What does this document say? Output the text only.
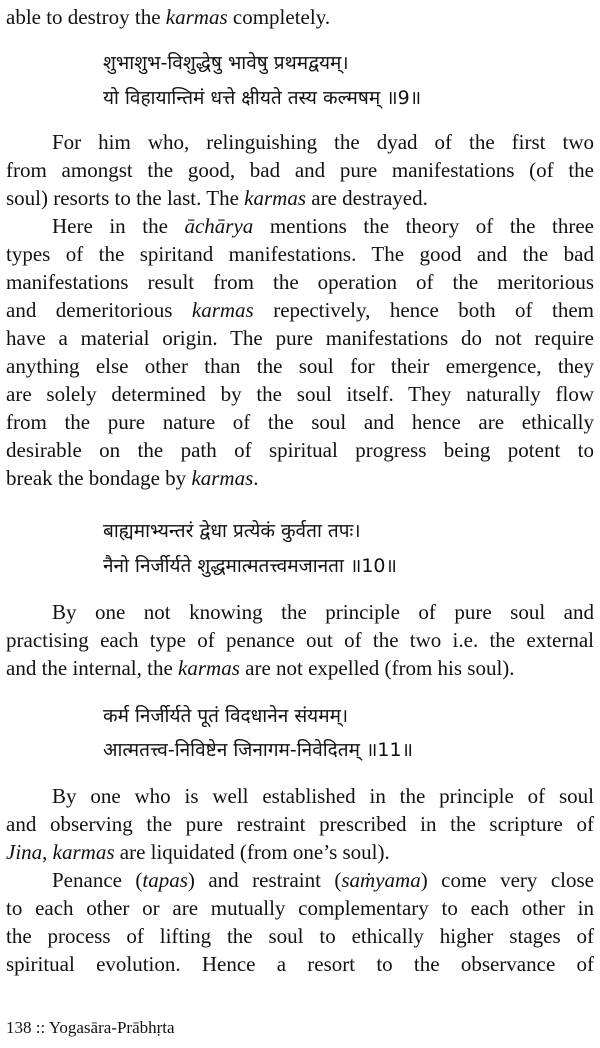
able to destroy the karmas completely.
शुभाशुभ-विशुद्धेषु भावेषु प्रथमद्वयम्।
यो विहायान्तिमं धत्ते क्षीयते तस्य कल्मषम् ॥9॥
For him who, relinguishing the dyad of the first two
from amongst the good, bad and pure manifestations (of the
soul) resorts to the last. The karmas are destrayed.
Here in the āchārya mentions the theory of the three
types of the spiritand manifestations. The good and the bad
manifestations result from the operation of the meritorious
and demeritorious karmas repectively, hence both of them
have a material origin. The pure manifestations do not require
anything else other than the soul for their emergence, they
are solely determined by the soul itself. They naturally flow
from the pure nature of the soul and hence are ethically
desirable on the path of spiritual progress being potent to
break the bondage by karmas.
बाह्यमाभ्यन्तरं द्वेधा प्रत्येकं कुर्वता तपः।
नैनो निर्जीर्यते शुद्धमात्मतत्त्वमजानता ॥10॥
By one not knowing the principle of pure soul and
practising each type of penance out of the two i.e. the external
and the internal, the karmas are not expelled (from his soul).
कर्म निर्जीर्यते पूतं विदधानेन संयमम्।
आत्मतत्त्व-निविष्टेन जिनागम-निवेदितम् ॥11॥
By one who is well established in the principle of soul
and observing the pure restraint prescribed in the scripture of
Jina, karmas are liquidated (from one’s soul).
Penance (tapas) and restraint (saṁyama) come very close
to each other or are mutually complementary to each other in
the process of lifting the soul to ethically higher stages of
spiritual evolution. Hence a resort to the observance of
138 :: Yogasāra-Prābhṛta
